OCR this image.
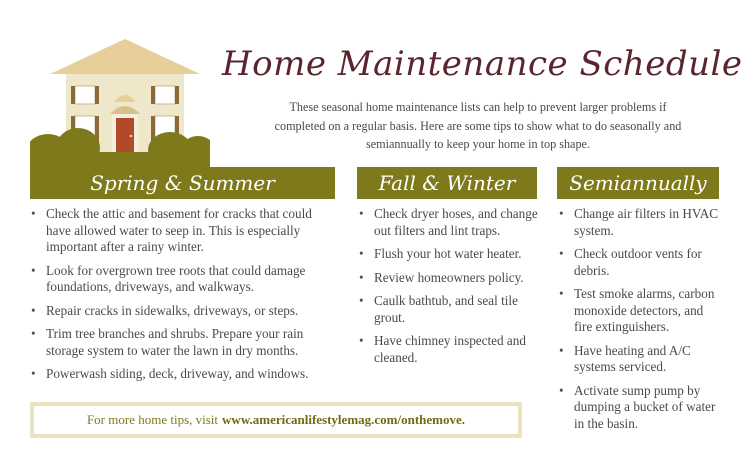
Home Maintenance Schedule
These seasonal home maintenance lists can help to prevent larger problems if completed on a regular basis. Here are some tips to show what to do seasonally and semiannually to keep your home in top shape.
Spring & Summer	Fall & Winter	Semiannually
• Check the attic and basement for cracks that could have allowed water to seep in. This is especially important after a rainy winter.
• Look for overgrown tree roots that could damage foundations, driveways, and walkways.
• Repair cracks in sidewalks, driveways, or steps.
• Trim tree branches and shrubs. Prepare your rain storage system to water the lawn in dry months.
• Powerwash siding, deck, driveway, and windows.
• Check dryer hoses, and change out filters and lint traps.
• Flush your hot water heater.
• Review homeowners policy.
• Caulk bathtub, and seal tile grout.
• Have chimney inspected and cleaned.
• Change air filters in HVAC system.
• Check outdoor vents for debris.
• Test smoke alarms, carbon monoxide detectors, and fire extinguishers.
• Have heating and A/C systems serviced.
• Activate sump pump by dumping a bucket of water in the basin.
For more home tips, visit www.americanlifestylemag.com/onthemove.
